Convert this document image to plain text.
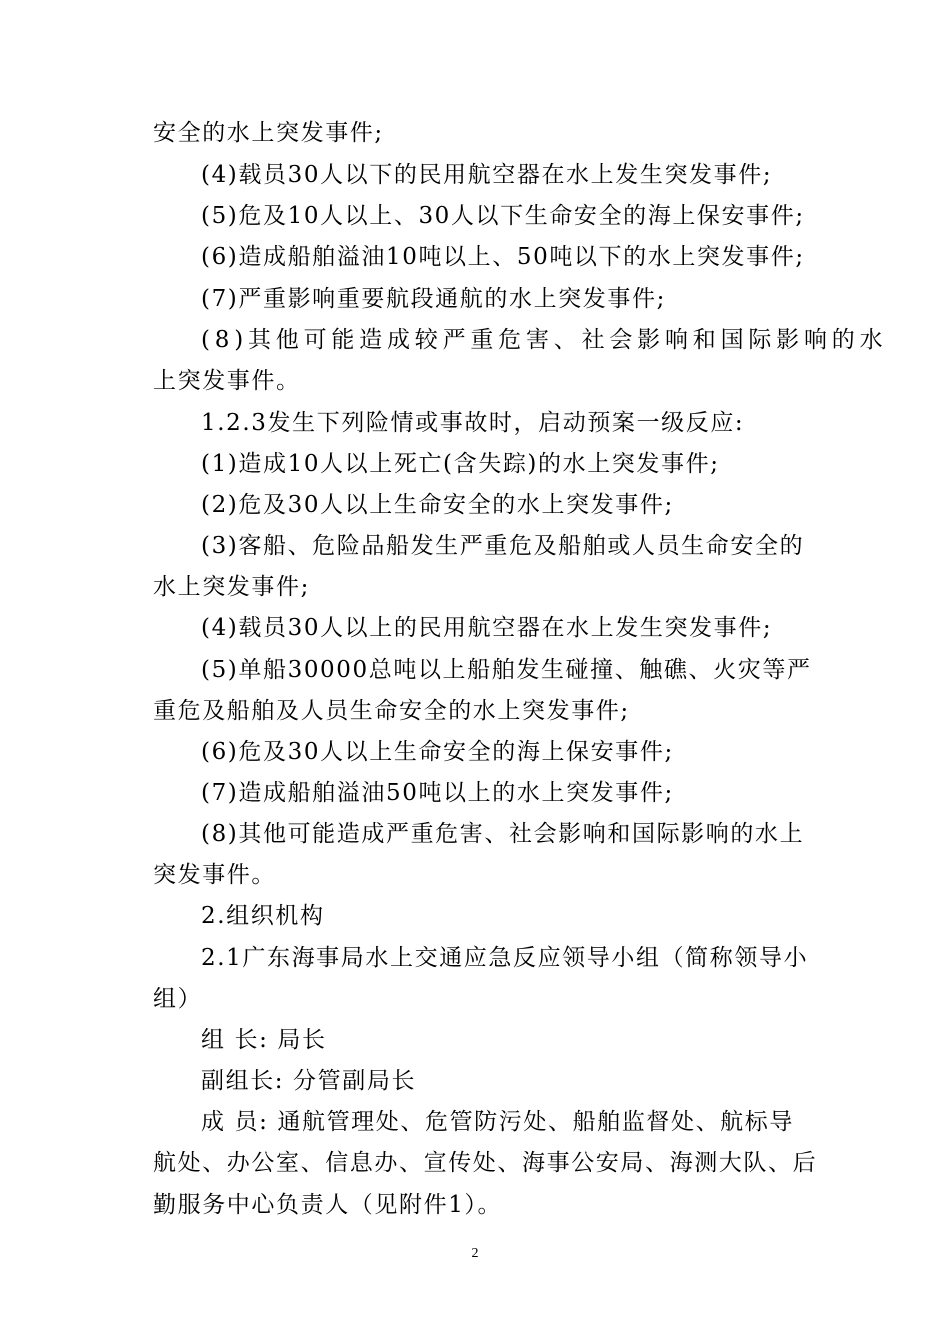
安全的水上突发事件;
(4)载员30人以下的民用航空器在水上发生突发事件;
(5)危及10人以上、30人以下生命安全的海上保安事件;
(6)造成船舶溢油10吨以上、50吨以下的水上突发事件;
(7)严重影响重要航段通航的水上突发事件;
(8)其他可能造成较严重危害、社会影响和国际影响的水
上突发事件。
1.2.3发生下列险情或事故时，启动预案一级反应:
(1)造成10人以上死亡(含失踪)的水上突发事件;
(2)危及30人以上生命安全的水上突发事件;
(3)客船、危险品船发生严重危及船舶或人员生命安全的
水上突发事件;
(4)载员30人以上的民用航空器在水上发生突发事件;
(5)单船30000总吨以上船舶发生碰撞、触礁、火灾等严
重危及船舶及人员生命安全的水上突发事件;
(6)危及30人以上生命安全的海上保安事件;
(7)造成船舶溢油50吨以上的水上突发事件;
(8)其他可能造成严重危害、社会影响和国际影响的水上
突发事件。
2.组织机构
2.1广东海事局水上交通应急反应领导小组（简称领导小
组）
组 长: 局长
副组长: 分管副局长
成 员: 通航管理处、危管防污处、船舶监督处、航标导
航处、办公室、信息办、宣传处、海事公安局、海测大队、后
勤服务中心负责人（见附件1）。
2
